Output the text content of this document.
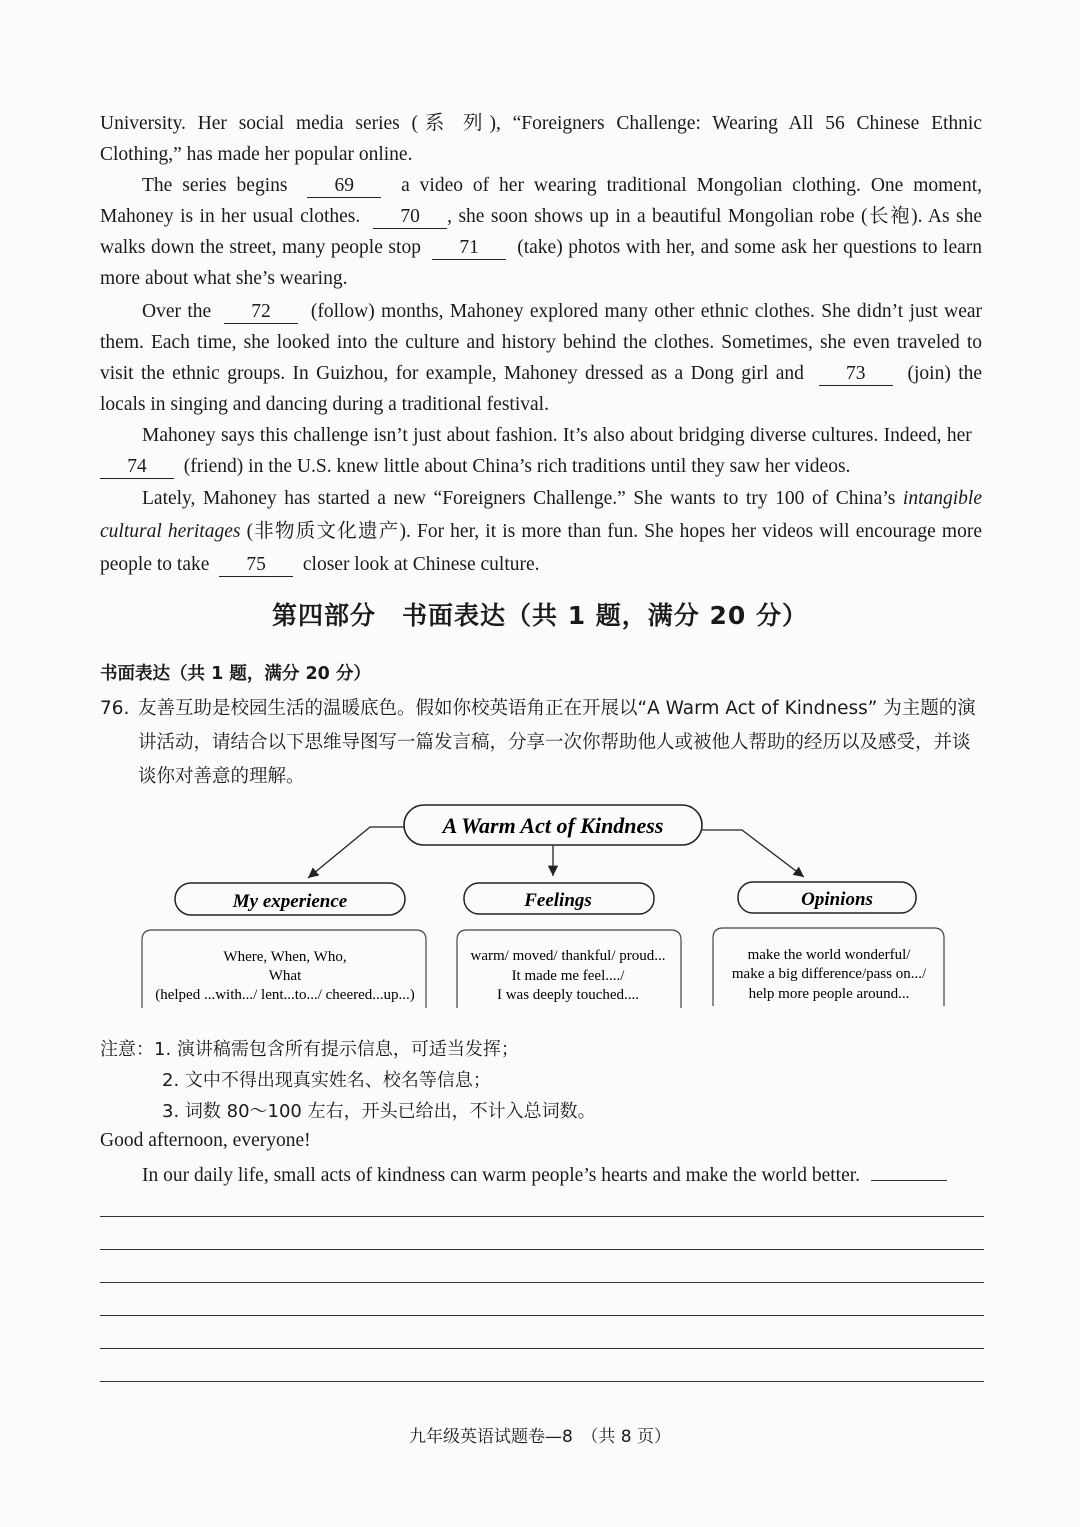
University. Her social media series (系 列), “Foreigners Challenge: Wearing All 56 Chinese Ethnic
Clothing,” has made her popular online.
The series begins 69 a video of her wearing traditional Mongolian clothing. One moment, Mahoney is in her usual clothes. 70 , she soon shows up in a beautiful Mongolian robe (长袍). As she walks down the street, many people stop 71 (take) photos with her, and some ask her questions to learn more about what she’s wearing.
Over the 72 (follow) months, Mahoney explored many other ethnic clothes. She didn’t just wear them. Each time, she looked into the culture and history behind the clothes. Sometimes, she even traveled to visit the ethnic groups. In Guizhou, for example, Mahoney dressed as a Dong girl and 73 (join) the locals in singing and dancing during a traditional festival.
Mahoney says this challenge isn’t just about fashion. It’s also about bridging diverse cultures. Indeed, her  74 (friend) in the U.S. knew little about China’s rich traditions until they saw her videos.
Lately, Mahoney has started a new “Foreigners Challenge.” She wants to try 100 of China’s intangible cultural heritages (非物质文化遗产). For her, it is more than fun. She hopes her videos will encourage more people to take 75 closer look at Chinese culture.
第四部分　书面表达（共 1 题，满分 20 分）
书面表达（共 1 题，满分 20 分）
76. 友善互助是校园生活的温暖底色。假如你校英语角正在开展以“A Warm Act of Kindness” 为主题的演讲活动，请结合以下思维导图写一篇发言稿，分享一次你帮助他人或被他人帮助的经历以及感受，并谈谈你对善意的理解。
A Warm Act of Kindness
My experience	Feelings	Opinions
Where, When, Who,
What
(helped ...with.../ lent...to.../ cheered...up...)
warm/ moved/ thankful/ proud...
It made me feel..../
I was deeply touched....
make the world wonderful/
make a big difference/pass on.../
help more people around...
注意：1. 演讲稿需包含所有提示信息，可适当发挥；
2. 文中不得出现真实姓名、校名等信息；
3. 词数 80～100 左右，开头已给出，不计入总词数。
Good afternoon, everyone!
In our daily life, small acts of kindness can warm people’s hearts and make the world better.
九年级英语试题卷—8　（共 8 页）
